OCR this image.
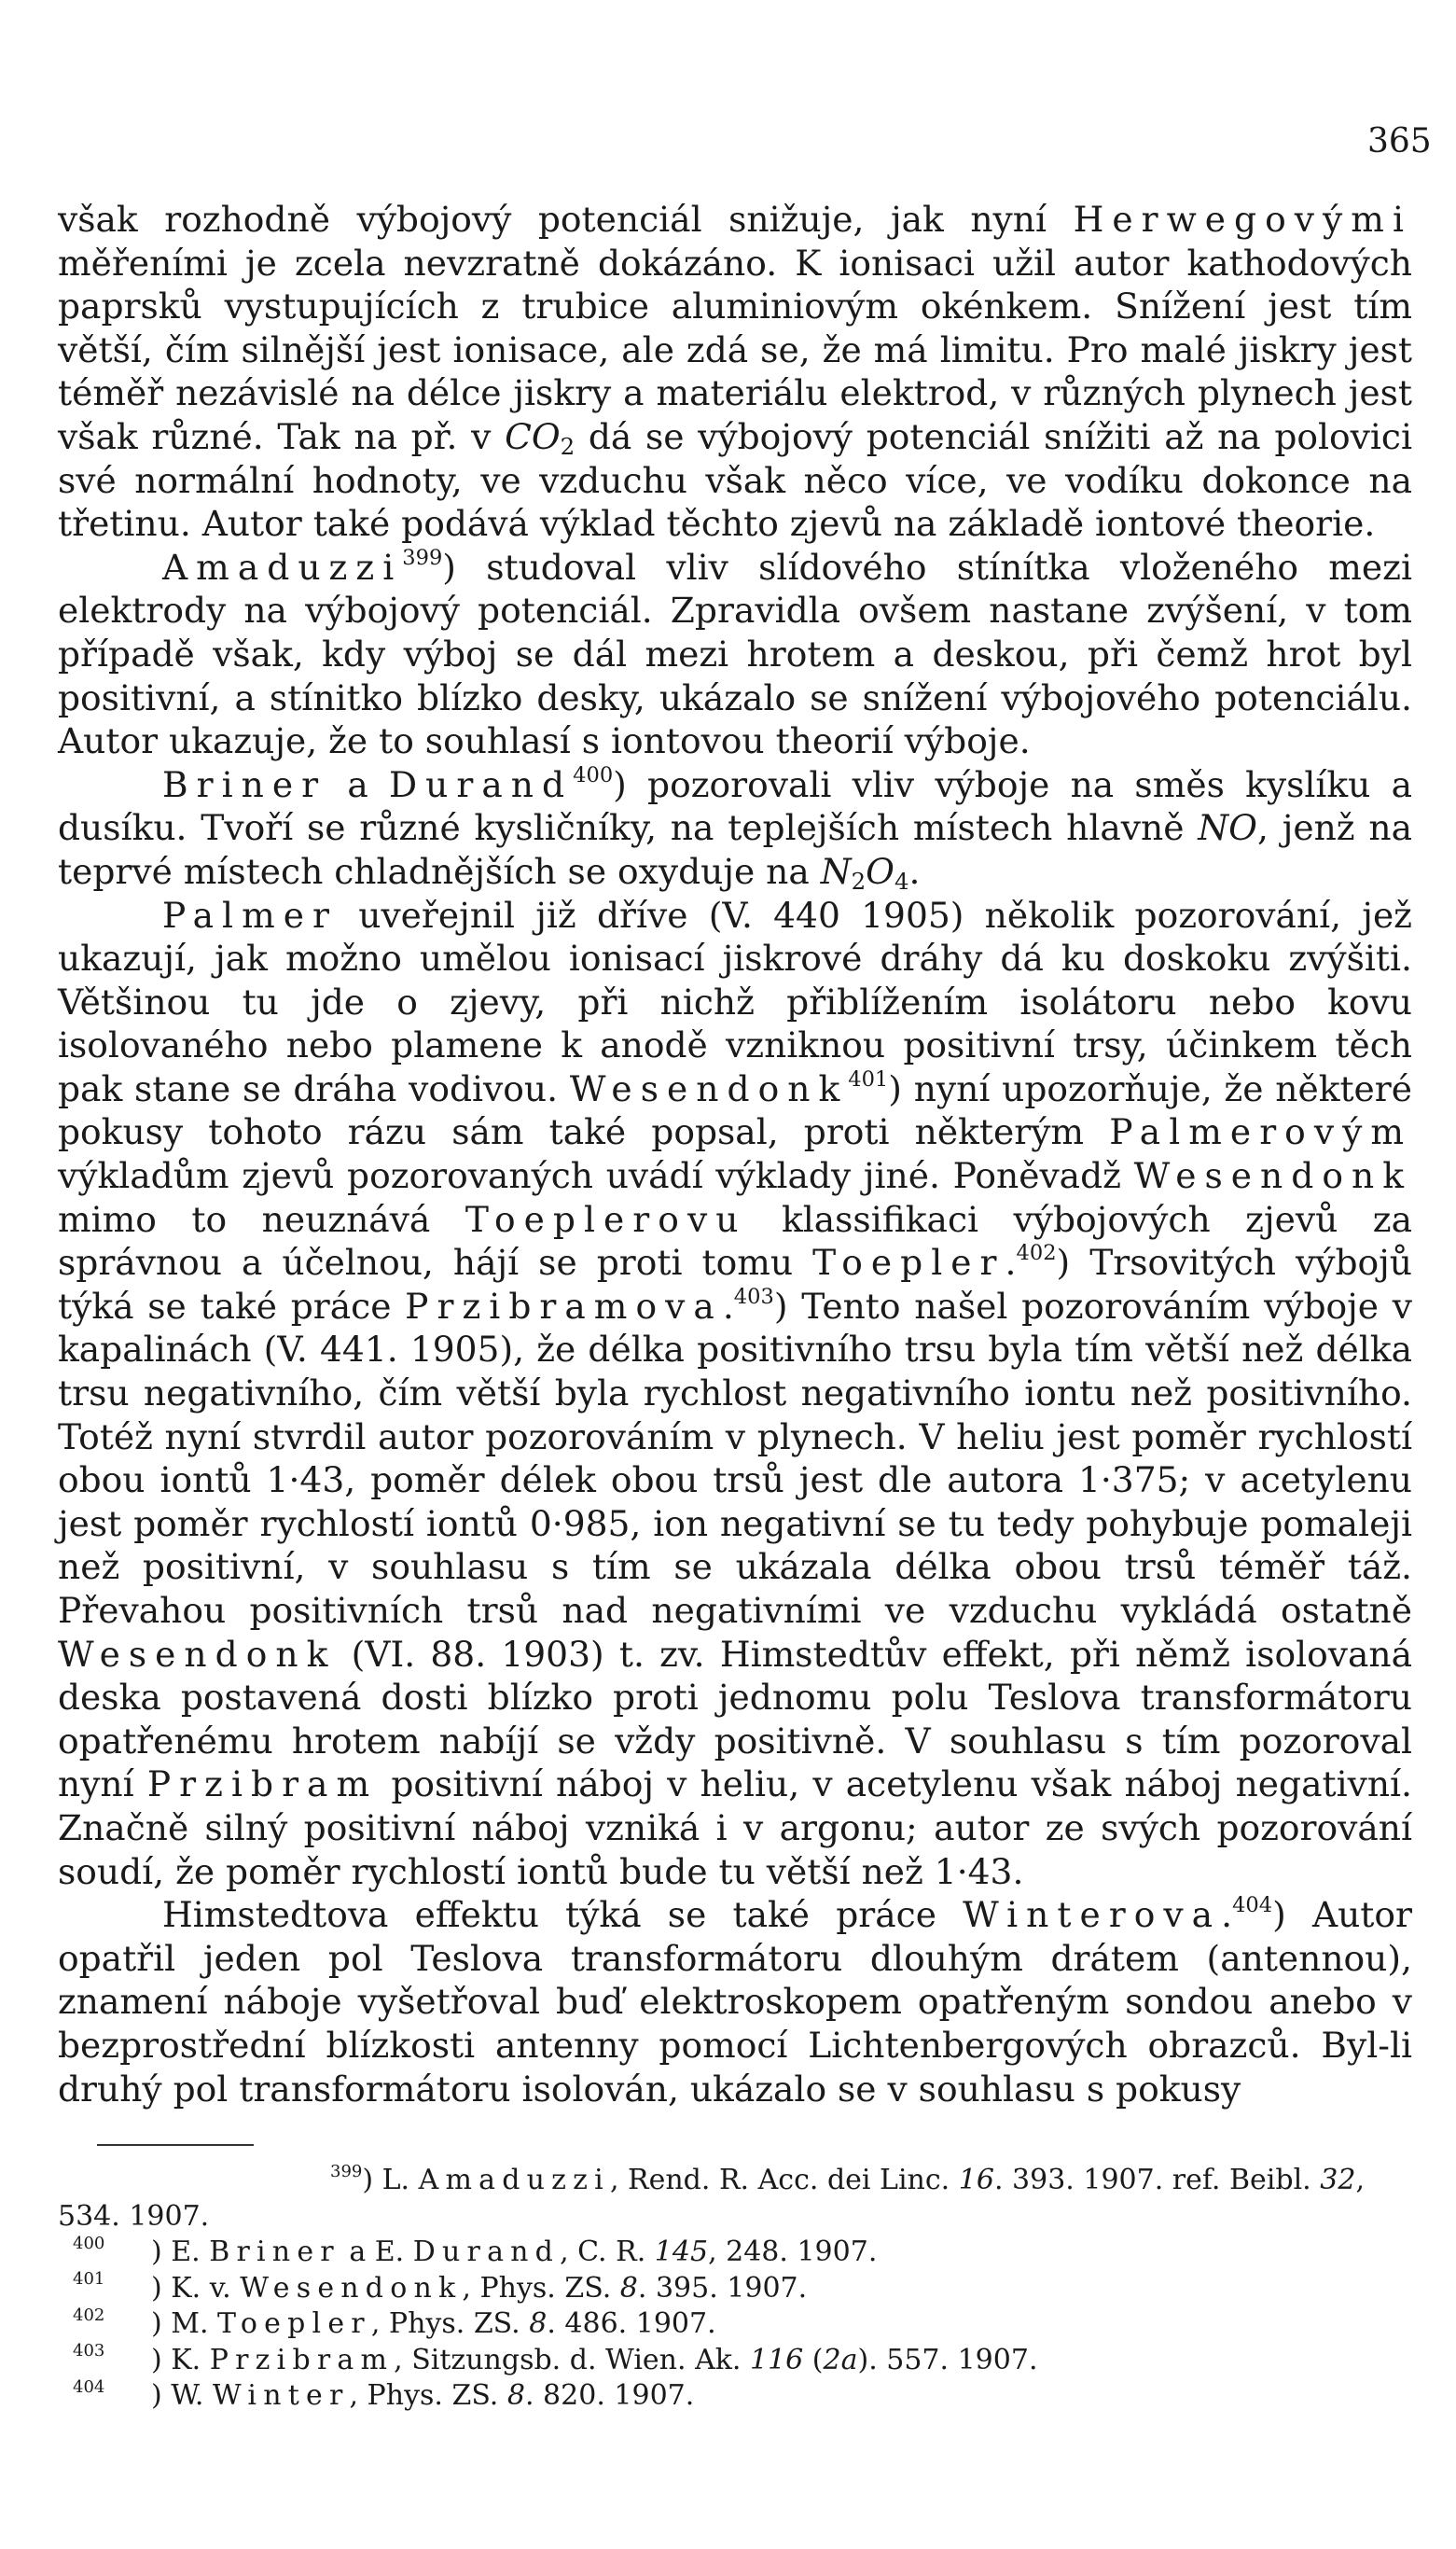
365

však rozhodně výbojový potenciál snižuje, jak nyní Herwegovými měřeními je zcela nevzratně dokázáno. K ionisaci užil autor kathodových paprsků vystupujících z trubice aluminiovým okénkem. Snížení jest tím větší, čím silnější jest ionisace, ale zdá se, že má limitu. Pro malé jiskry jest téměř nezávislé na délce jiskry a materiálu elektrod, v různých plynech jest však různé. Tak na př. v $CO_2$ dá se výbojový potenciál snížiti až na polovici své normální hodnoty, ve vzduchu však něco více, ve vodíku dokonce na třetinu. Autor také podává výklad těchto zjevů na základě iontové theorie.

Amaduzzi$^{399}$) studoval vliv slídového stínítka vloženého mezi elektrody na výbojový potenciál. Zpravidla ovšem nastane zvýšení, v tom případě však, kdy výboj se dál mezi hrotem a deskou, při čemž hrot byl positivní, a stínitko blízko desky, ukázalo se snížení výbojového potenciálu. Autor ukazuje, že to souhlasí s iontovou theorií výboje.

Briner a Durand$^{400}$) pozorovali vliv výboje na směs kyslíku a dusíku. Tvoří se různé kysličníky, na teplejších místech hlavně NO, jenž na teprvé místech chladnějších se oxyduje na $N_2O_4$.

Palmer uveřejnil již dříve (V. 440 1905) několik pozorování, jež ukazují, jak možno umělou ionisací jiskrové dráhy dá ku doskoku zvýšiti. Většinou tu jde o zjevy, při nichž přiblížením isolátoru nebo kovu isolovaného nebo plamene k anodě vzniknou positivní trsy, účinkem těch pak stane se dráha vodivou. Wesendonk$^{401}$) nyní upozorňuje, že některé pokusy tohoto rázu sám také popsal, proti některým Palmerovým výkladům zjevů pozorovaných uvádí výklady jiné. Poněvadž Wesendonk mimo to neuznává Toeplerovu klassifikaci výbojových zjevů za správnou a účelnou, hájí se proti tomu Toepler.$^{402}$) Trsovitých výbojů týká se také práce Przibramova.$^{403}$) Tento našel pozorováním výboje v kapalinách (V. 441. 1905), že délka positivního trsu byla tím větší než délka trsu negativního, čím větší byla rychlost negativního iontu než positivního. Totéž nyní stvrdil autor pozorováním v plynech. V heliu jest poměr rychlostí obou iontů 1·43, poměr délek obou trsů jest dle autora 1·375; v acetylenu jest poměr rychlostí iontů 0·985, ion negativní se tu tedy pohybuje pomaleji než positivní, v souhlasu s tím se ukázala délka obou trsů téměř táž. Převahou positivních trsů nad negativními ve vzduchu vykládá ostatně Wesendonk (VI. 88. 1903) t. zv. Himstedtův effekt, při němž isolovaná deska postavená dosti blízko proti jednomu polu Teslova transformátoru opatřenému hrotem nabíjí se vždy positivně. V souhlasu s tím pozoroval nyní Przibram positivní náboj v heliu, v acetylenu však náboj negativní. Značně silný positivní náboj vzniká i v argonu; autor ze svých pozorování soudí, že poměr rychlostí iontů bude tu větší než 1·43.

Himstedtova effektu týká se také práce Winterova.$^{404}$) Autor opatřil jeden pol Teslova transformátoru dlouhým drátem (antennou), znamení náboje vyšetřoval buď elektroskopem opatřeným sondou anebo v bezprostřední blízkosti antenny pomocí Lichtenbergových obrazců. Byl-li druhý pol transformátoru isolován, ukázalo se v souhlasu s pokusy

399) L. Amaduzzi, Rend. R. Acc. dei Linc. 16. 393. 1907. ref. Beibl. 32, 534. 1907.

400 ) E. Briner a E. Durand, C. R. 145, 248. 1907.

401 ) K. v. Wesendonk, Phys. ZS. 8. 395. 1907.

402 ) M. Toepler, Phys. ZS. 8. 486. 1907.

403 ) K. Przibram, Sitzungsb. d. Wien. Ak. 116 (2a). 557. 1907.

404 ) W. Winter, Phys. ZS. 8. 820. 1907.
